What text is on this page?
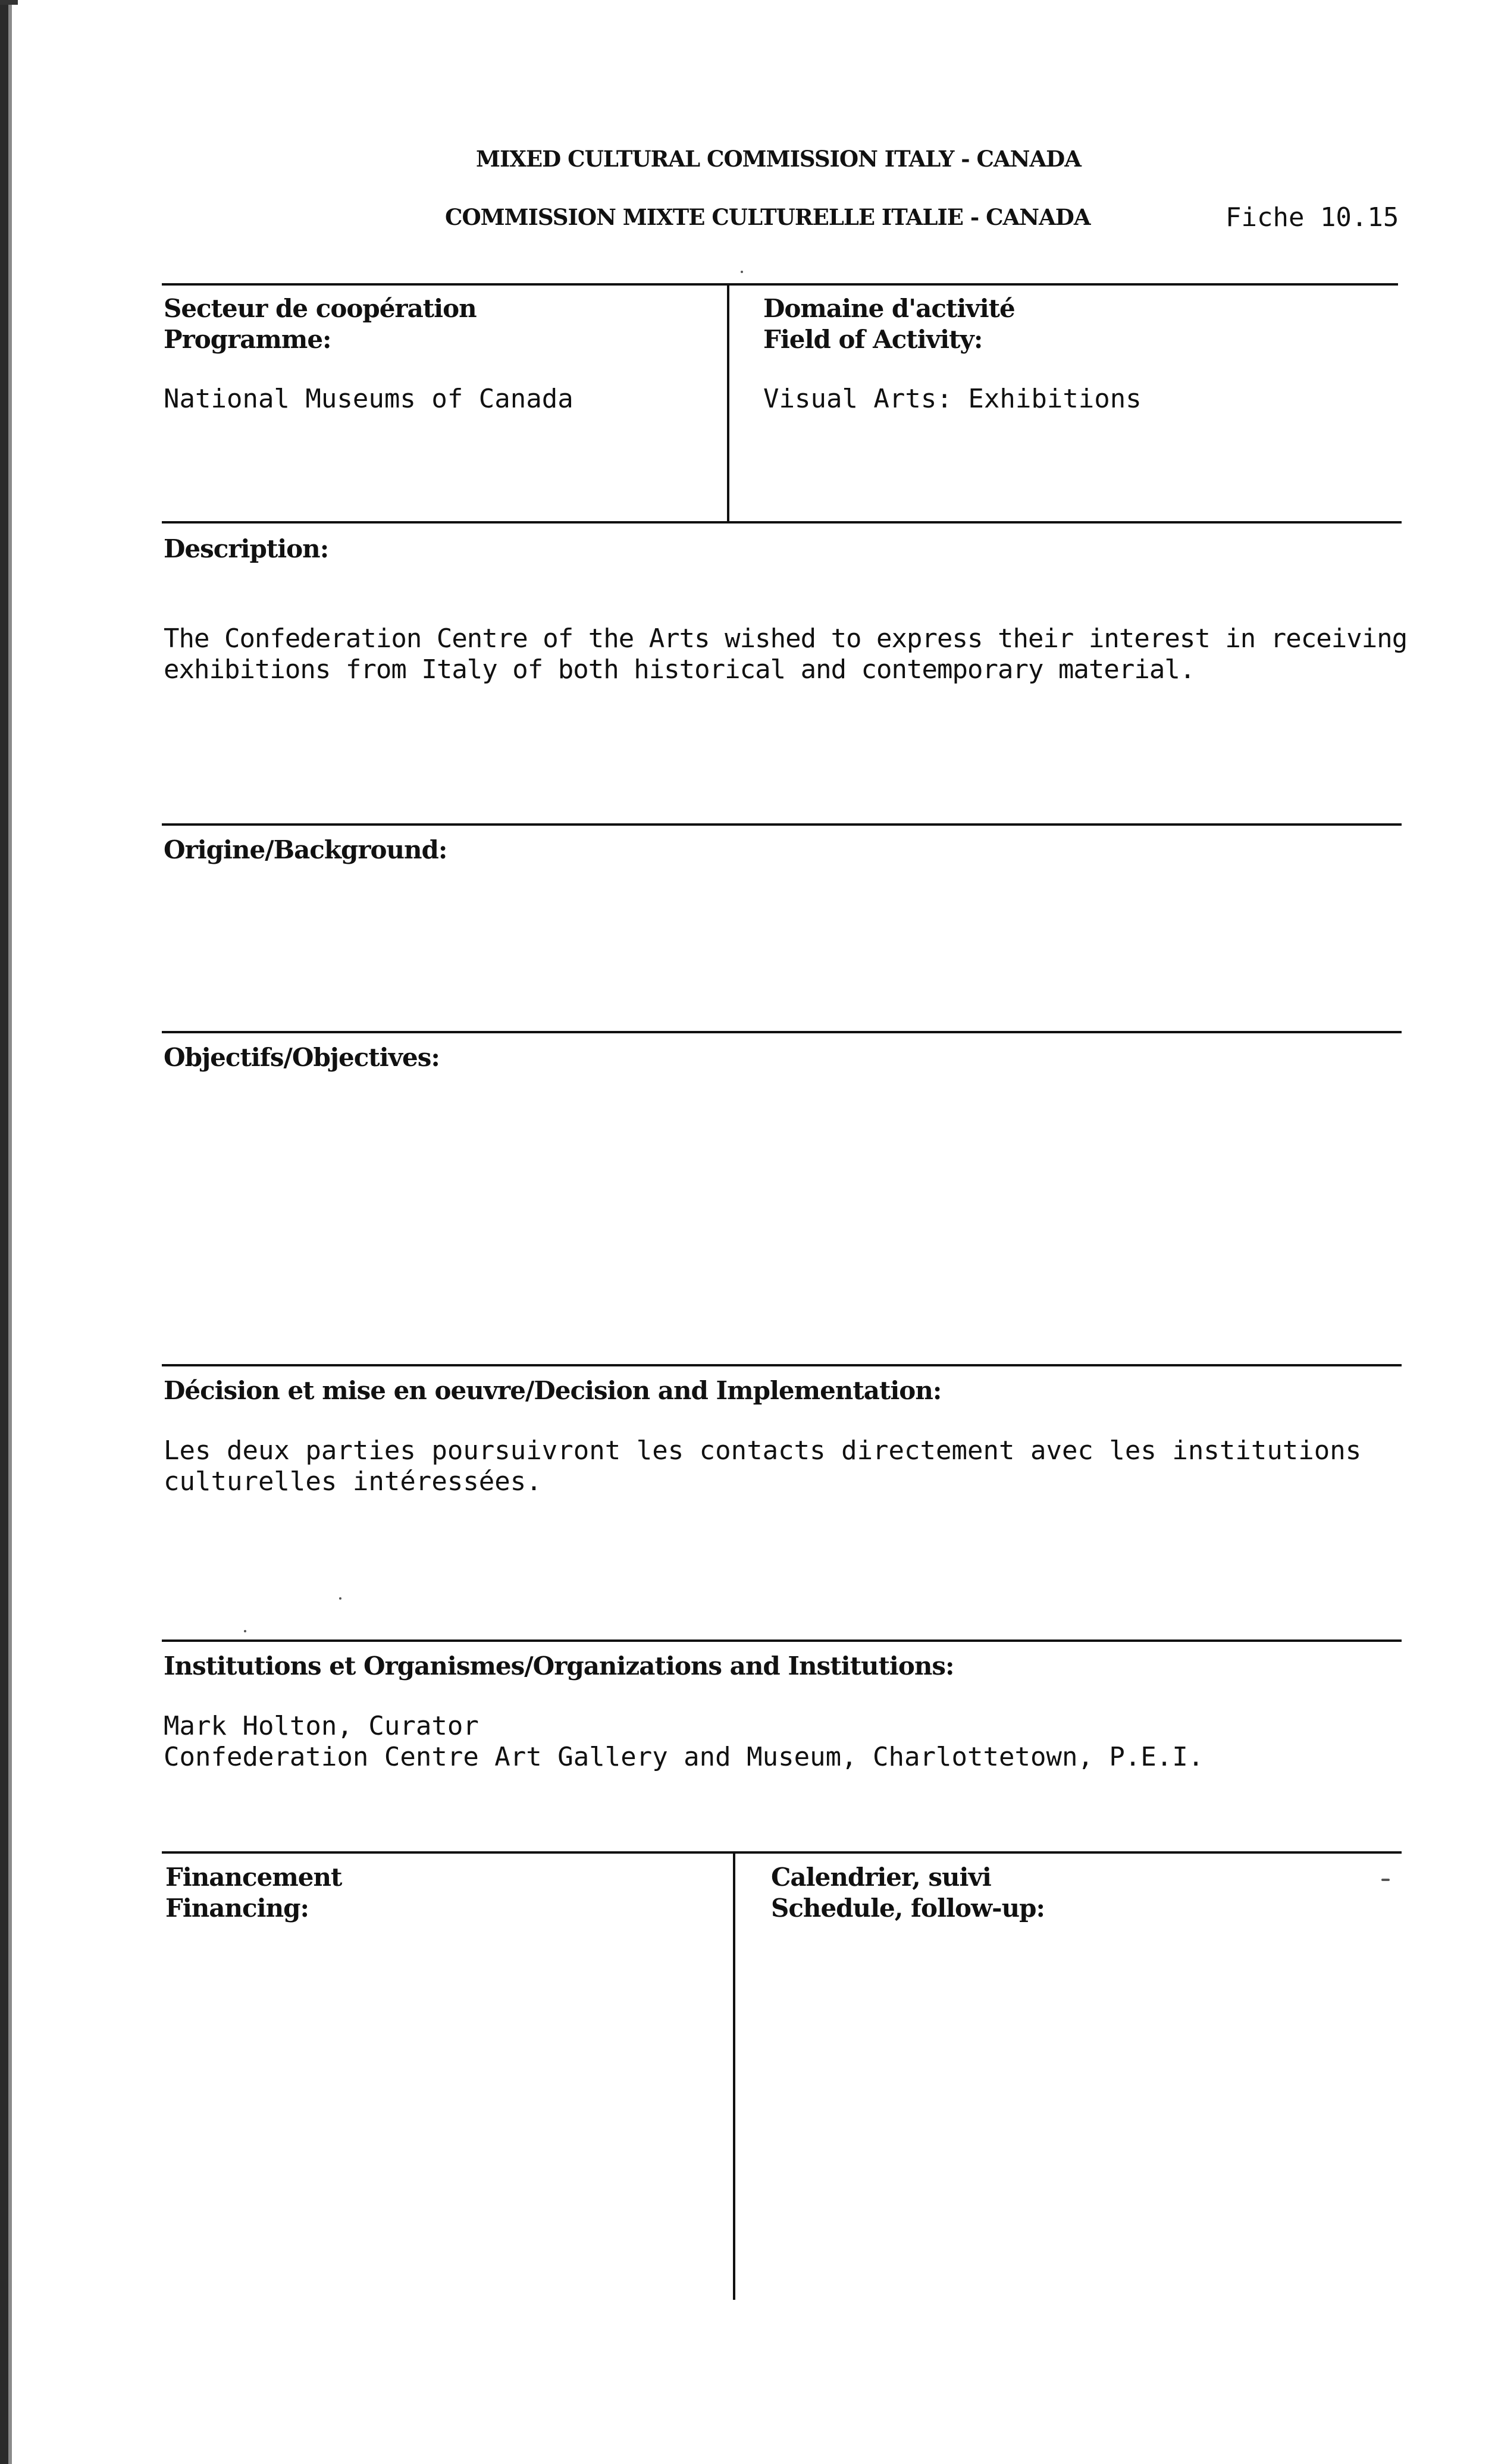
MIXED CULTURAL COMMISSION ITALY - CANADA
COMMISSION MIXTE CULTURELLE ITALIE - CANADA	Fiche 10.15
Secteur de coopération
Programme:
National Museums of Canada
Domaine d'activité
Field of Activity:
Visual Arts: Exhibitions
Description:
The Confederation Centre of the Arts wished to express their interest in receiving
exhibitions from Italy of both historical and contemporary material.
Origine/Background:
Objectifs/Objectives:
Décision et mise en oeuvre/Decision and Implementation:
Les deux parties poursuivront les contacts directement avec les institutions
culturelles intéressées.
Institutions et Organismes/Organizations and Institutions:
Mark Holton, Curator
Confederation Centre Art Gallery and Museum, Charlottetown, P.E.I.
Financement
Financing:
Calendrier, suivi
Schedule, follow-up:
